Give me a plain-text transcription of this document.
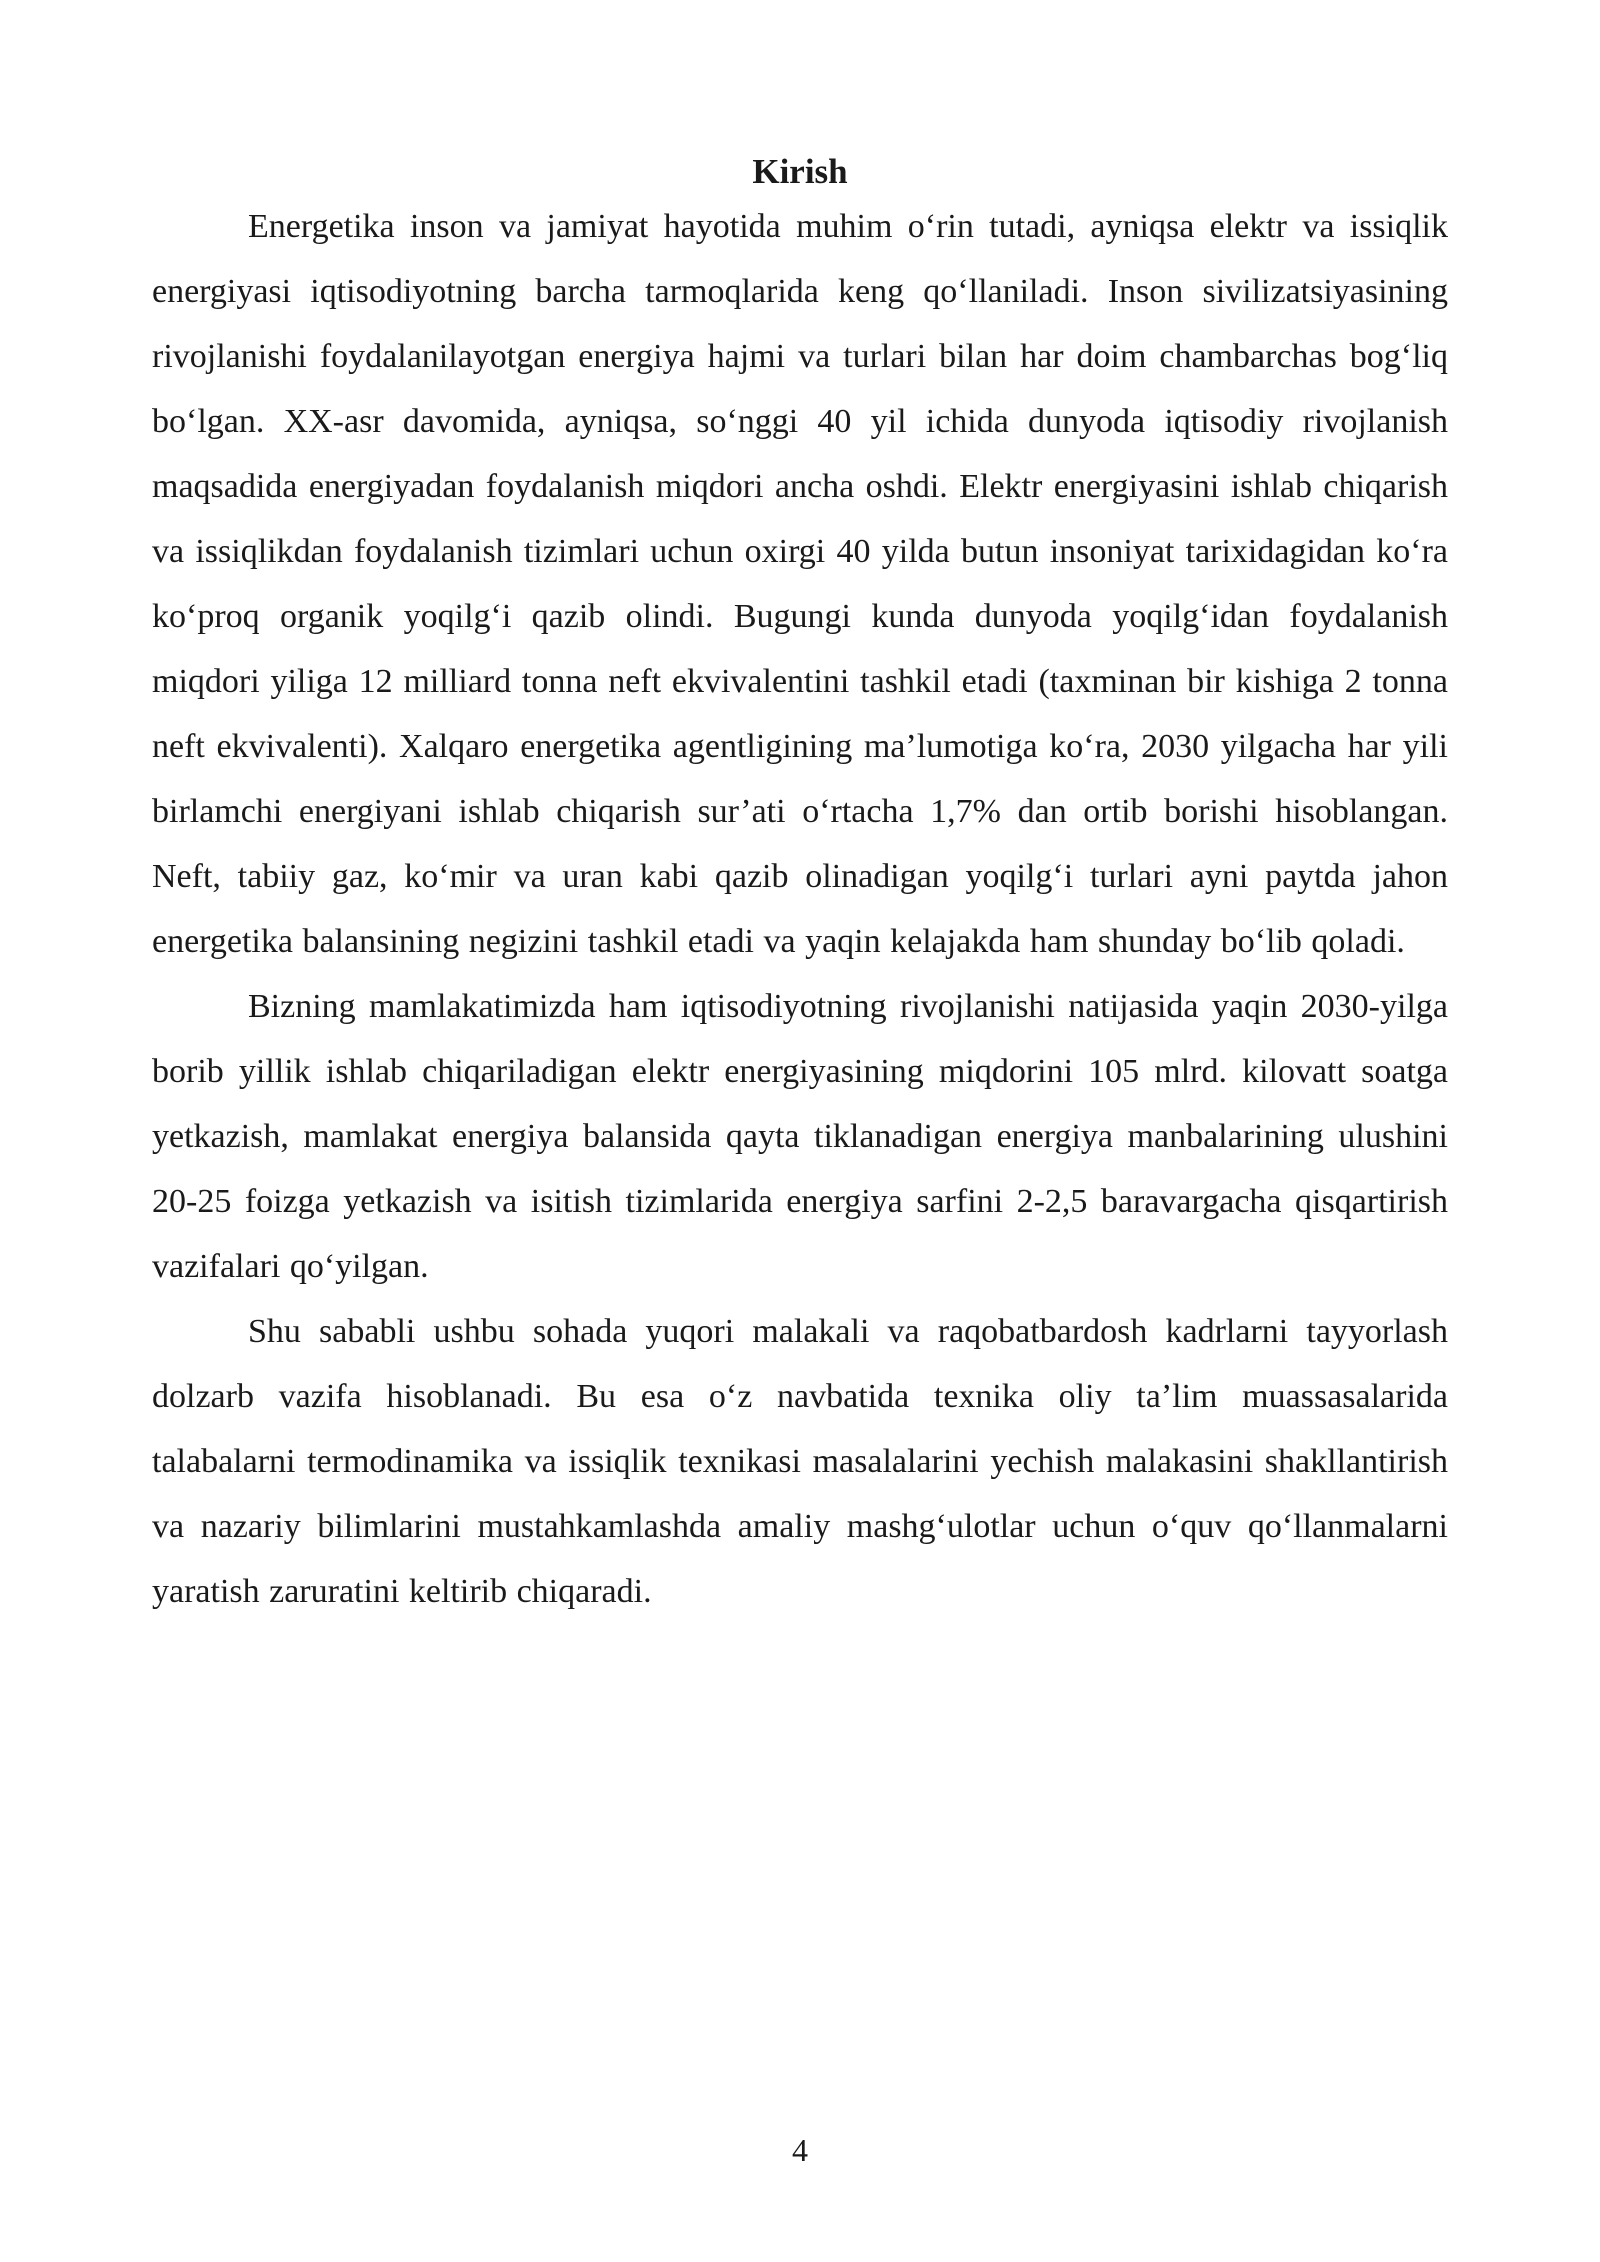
Kirish

Energetika inson va jamiyat hayotida muhim o‘rin tutadi, ayniqsa elektr va issiqlik energiyasi iqtisodiyotning barcha tarmoqlarida keng qo‘llaniladi. Inson sivilizatsiyasining rivojlanishi foydalanilayotgan energiya hajmi va turlari bilan har doim chambarchas bog‘liq bo‘lgan. XX-asr davomida, ayniqsa, so‘nggi 40 yil ichida dunyoda iqtisodiy rivojlanish maqsadida energiyadan foydalanish miqdori ancha oshdi. Elektr energiyasini ishlab chiqarish va issiqlikdan foydalanish tizimlari uchun oxirgi 40 yilda butun insoniyat tarixidagidan ko‘ra ko‘proq organik yoqilg‘i qazib olindi. Bugungi kunda dunyoda yoqilg‘idan foydalanish miqdori yiliga 12 milliard tonna neft ekvivalentini tashkil etadi (taxminan bir kishiga 2 tonna neft ekvivalenti). Xalqaro energetika agentligining ma’lumotiga ko‘ra, 2030 yilgacha har yili birlamchi energiyani ishlab chiqarish sur’ati o‘rtacha 1,7% dan ortib borishi hisoblangan. Neft, tabiiy gaz, ko‘mir va uran kabi qazib olinadigan yoqilg‘i turlari ayni paytda jahon energetika balansining negizini tashkil etadi va yaqin kelajakda ham shunday bo‘lib qoladi.

Bizning mamlakatimizda ham iqtisodiyotning rivojlanishi natijasida yaqin 2030-yilga borib yillik ishlab chiqariladigan elektr energiyasining miqdorini 105 mlrd. kilovatt soatga yetkazish, mamlakat energiya balansida qayta tiklanadigan energiya manbalarining ulushini 20-25 foizga yetkazish va isitish tizimlarida energiya sarfini 2-2,5 baravargacha qisqartirish vazifalari qo‘yilgan.

Shu sababli ushbu sohada yuqori malakali va raqobatbardosh kadrlarni tayyorlash dolzarb vazifa hisoblanadi. Bu esa o‘z navbatida texnika oliy ta’lim muassasalarida talabalarni termodinamika va issiqlik texnikasi masalalarini yechish malakasini shakllantirish va nazariy bilimlarini mustahkamlashda amaliy mashg‘ulotlar uchun o‘quv qo‘llanmalarni yaratish zaruratini keltirib chiqaradi.

4
